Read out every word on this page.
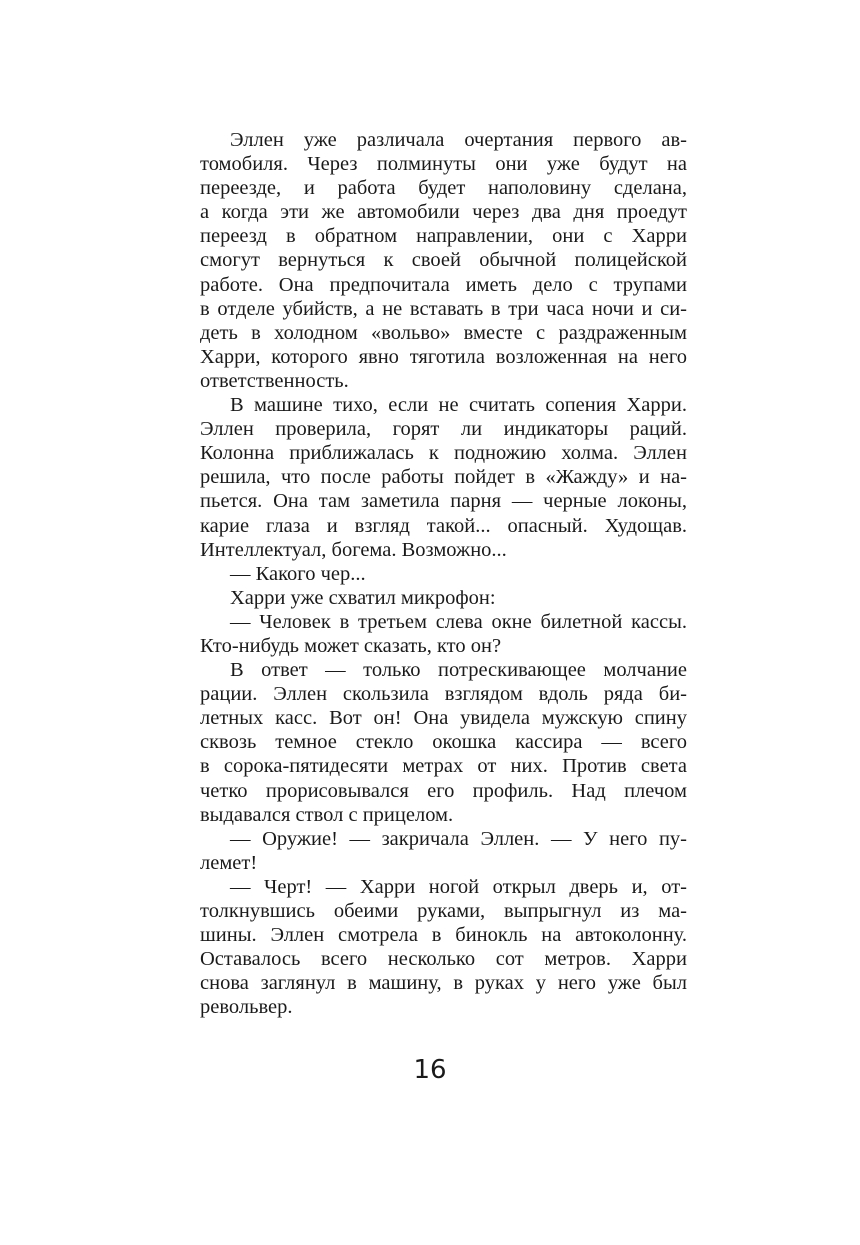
Эллен уже различала очертания первого ав-
томобиля. Через полминуты они уже будут на
переезде, и работа будет наполовину сделана,
а когда эти же автомобили через два дня проедут
переезд в обратном направлении, они с Харри
смогут вернуться к своей обычной полицейской
работе. Она предпочитала иметь дело с трупами
в отделе убийств, а не вставать в три часа ночи и си-
деть в холодном «вольво» вместе с раздраженным
Харри, которого явно тяготила возложенная на него
ответственность.
В машине тихо, если не считать сопения Харри.
Эллен проверила, горят ли индикаторы раций.
Колонна приближалась к подножию холма. Эллен
решила, что после работы пойдет в «Жажду» и на-
пьется. Она там заметила парня — черные локоны,
карие глаза и взгляд такой... опасный. Худощав.
Интеллектуал, богема. Возможно...
— Какого чер...
Харри уже схватил микрофон:
— Человек в третьем слева окне билетной кассы.
Кто-нибудь может сказать, кто он?
В ответ — только потрескивающее молчание
рации. Эллен скользила взглядом вдоль ряда би-
летных касс. Вот он! Она увидела мужскую спину
сквозь темное стекло окошка кассира — всего
в сорока-пятидесяти метрах от них. Против света
четко прорисовывался его профиль. Над плечом
выдавался ствол с прицелом.
— Оружие! — закричала Эллен. — У него пу-
лемет!
— Черт! — Харри ногой открыл дверь и, от-
толкнувшись обеими руками, выпрыгнул из ма-
шины. Эллен смотрела в бинокль на автоколонну.
Оставалось всего несколько сот метров. Харри
снова заглянул в машину, в руках у него уже был
револьвер.
16
